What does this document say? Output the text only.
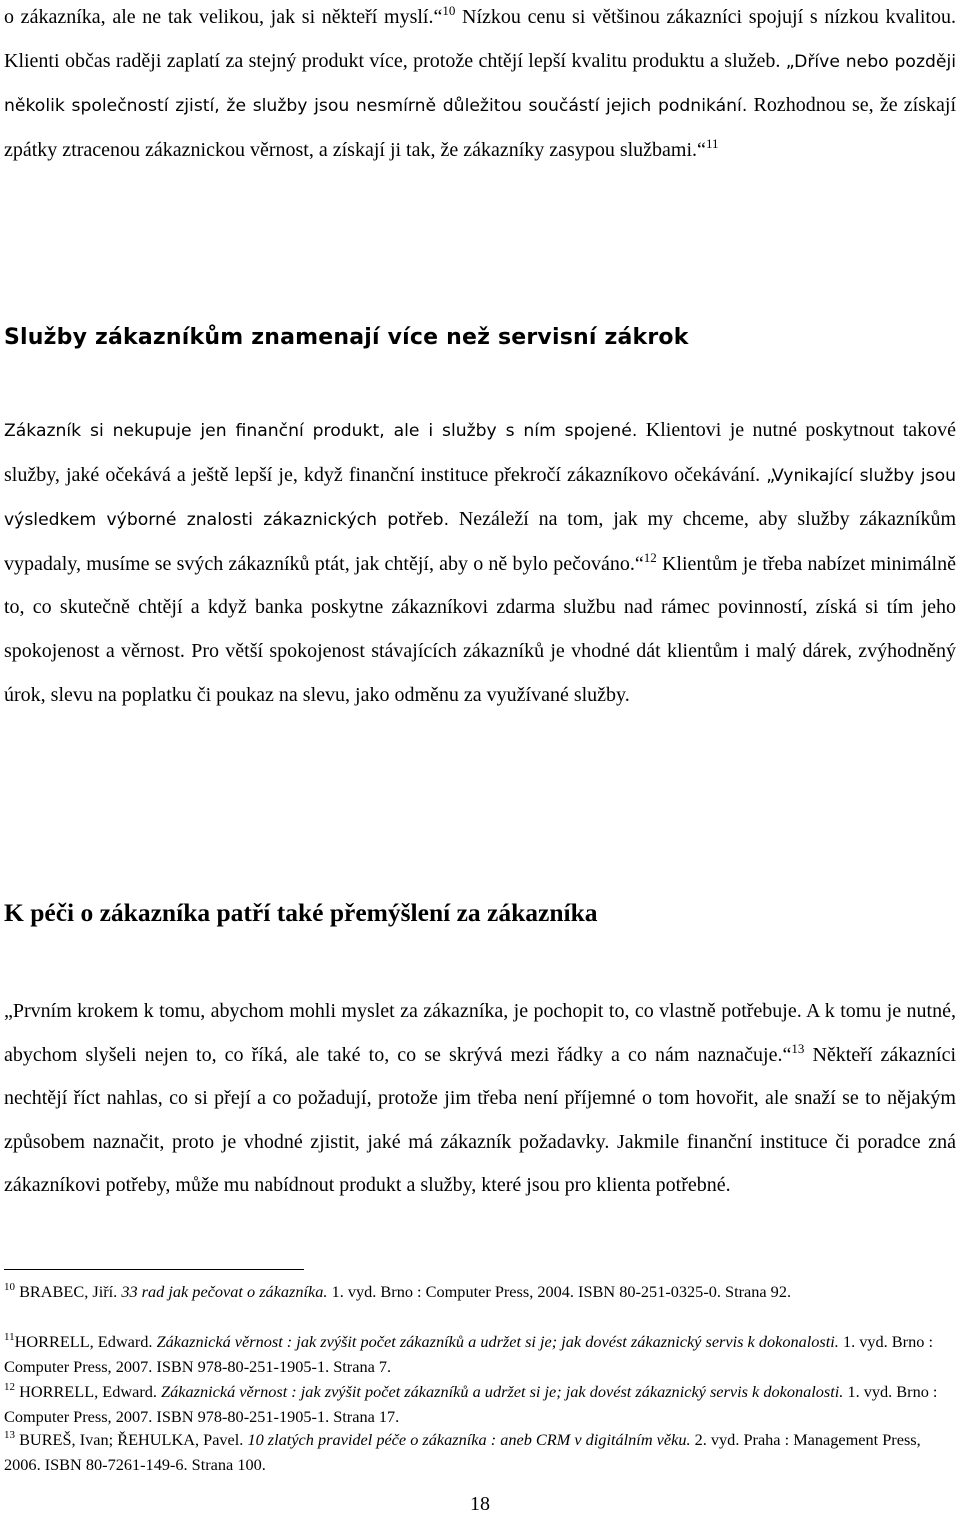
o zákazníka, ale ne tak velikou, jak si někteří myslí.“$^{10}$ Nízkou cenu si většinou zákazníci spojují s nízkou kvalitou. Klienti občas raději zaplatí za stejný produkt více, protože chtějí lepší kvalitu produktu a služeb. „Dříve nebo později několik společností zjistí, že služby jsou nesmírně důležitou součástí jejich podnikání. Rozhodnou se, že získají zpátky ztracenou zákaznickou věrnost, a získají ji tak, že zákazníky zasypou službami.“$^{11}$

Služby zákazníkům znamenají více než servisní zákrok

Zákazník si nekupuje jen finanční produkt, ale i služby s ním spojené. Klientovi je nutné poskytnout takové služby, jaké očekává a ještě lepší je, když finanční instituce překročí zákazníkovo očekávání. „Vynikající služby jsou výsledkem výborné znalosti zákaznických potřeb. Nezáleží na tom, jak my chceme, aby služby zákazníkům vypadaly, musíme se svých zákazníků ptát, jak chtějí, aby o ně bylo pečováno.“$^{12}$ Klientům je třeba nabízet minimálně to, co skutečně chtějí a když banka poskytne zákazníkovi zdarma službu nad rámec povinností, získá si tím jeho spokojenost a věrnost. Pro větší spokojenost stávajících zákazníků je vhodné dát klientům i malý dárek, zvýhodněný úrok, slevu na poplatku či poukaz na slevu, jako odměnu za využívané služby.

K péči o zákazníka patří také přemýšlení za zákazníka

„Prvním krokem k tomu, abychom mohli myslet za zákazníka, je pochopit to, co vlastně potřebuje. A k tomu je nutné, abychom slyšeli nejen to, co říká, ale také to, co se skrývá mezi řádky a co nám naznačuje.“$^{13}$ Někteří zákazníci nechtějí říct nahlas, co si přejí a co požadují, protože jim třeba není příjemné o tom hovořit, ale snaží se to nějakým způsobem naznačit, proto je vhodné zjistit, jaké má zákazník požadavky. Jakmile finanční instituce či poradce zná zákazníkovi potřeby, může mu nabídnout produkt a služby, které jsou pro klienta potřebné.

$^{10}$ BRABEC, Jiří. 33 rad jak pečovat o zákazníka. 1. vyd. Brno : Computer Press, 2004. ISBN 80-251-0325-0. Strana 92.

$^{11}$HORRELL, Edward. Zákaznická věrnost : jak zvýšit počet zákazníků a udržet si je; jak dovést zákaznický servis k dokonalosti. 1. vyd. Brno : Computer Press, 2007. ISBN 978-80-251-1905-1. Strana 7.

$^{12}$ HORRELL, Edward. Zákaznická věrnost : jak zvýšit počet zákazníků a udržet si je; jak dovést zákaznický servis k dokonalosti. 1. vyd. Brno : Computer Press, 2007. ISBN 978-80-251-1905-1. Strana 17.

$^{13}$ BUREŠ, Ivan; ŘEHULKA, Pavel. 10 zlatých pravidel péče o zákazníka : aneb CRM v digitálním věku. 2. vyd. Praha : Management Press, 2006. ISBN 80-7261-149-6. Strana 100.

18
